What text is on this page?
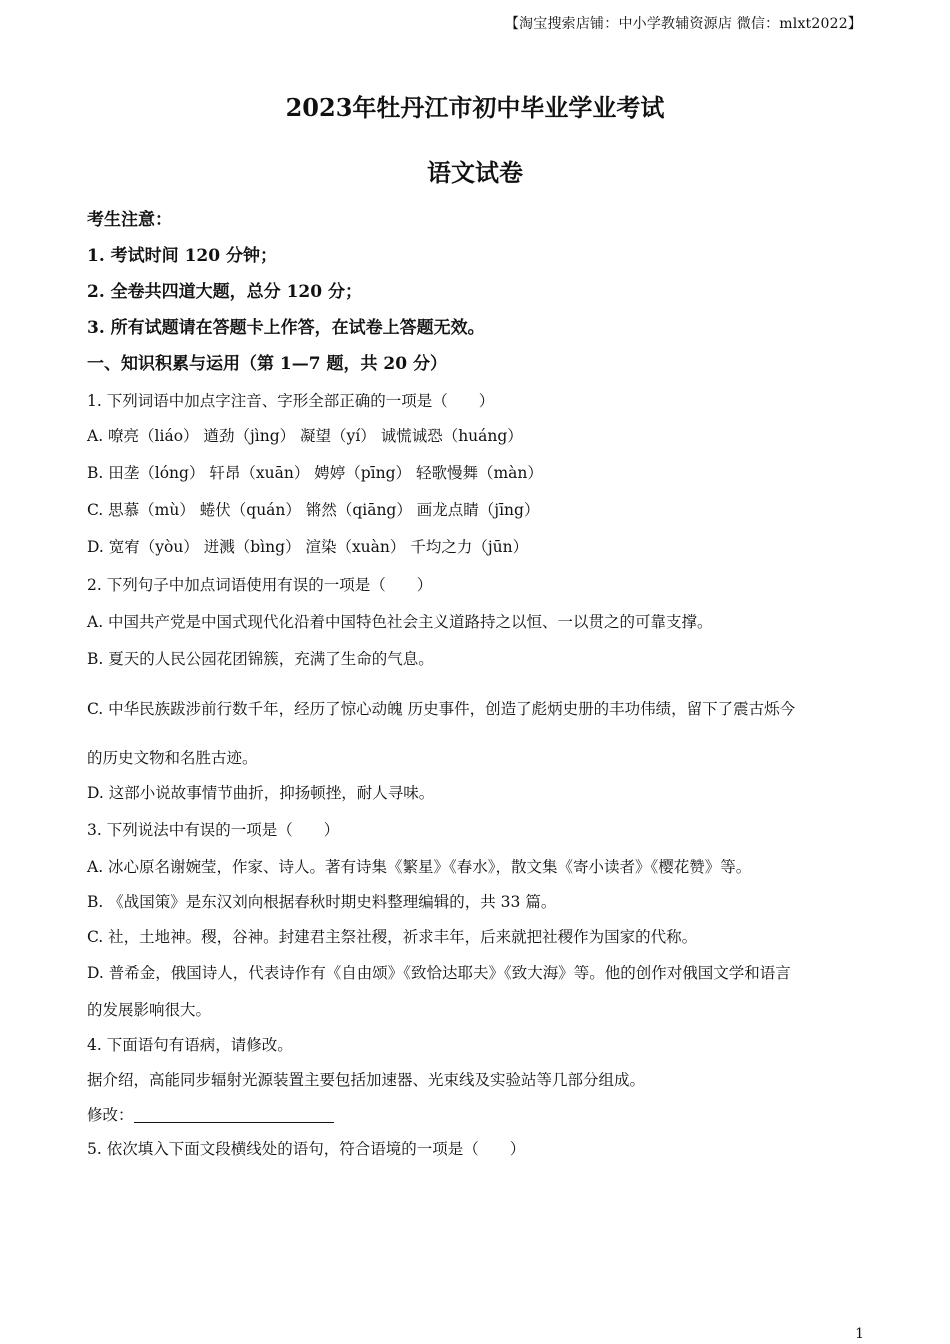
【淘宝搜索店铺：中小学教辅资源店 微信：mlxt2022】
2023年牡丹江市初中毕业学业考试
语文试卷
考生注意：
1. 考试时间 120 分钟；
2. 全卷共四道大题，总分 120 分；
3. 所有试题请在答题卡上作答，在试卷上答题无效。
一、知识积累与运用（第 1—7 题，共 20 分）
1. 下列词语中加点字注音、字形全部正确的一项是（　　）
A. 嘹亮（liáo） 遒劲（jìng） 凝望（yí） 诚慌诚恐（huáng）
B. 田垄（lóng） 轩昂（xuān） 娉婷（pīng） 轻歌慢舞（màn）
C. 思慕（mù） 蜷伏（quán） 锵然（qiāng） 画龙点睛（jīng）
D. 宽宥（yòu） 迸溅（bìng） 渲染（xuàn） 千均之力（jūn）
2. 下列句子中加点词语使用有误的一项是（　　）
A. 中国共产党是中国式现代化沿着中国特色社会主义道路持之以恒、一以贯之的可靠支撑。
B. 夏天的人民公园花团锦簇，充满了生命的气息。
C. 中华民族跋涉前行数千年，经历了惊心动魄 历史事件，创造了彪炳史册的丰功伟绩，留下了震古烁今
的历史文物和名胜古迹。
D. 这部小说故事情节曲折，抑扬顿挫，耐人寻味。
3. 下列说法中有误的一项是（　　）
A. 冰心原名谢婉莹，作家、诗人。著有诗集《繁星》《春水》，散文集《寄小读者》《樱花赞》等。
B. 《战国策》是东汉刘向根据春秋时期史料整理编辑的，共 33 篇。
C. 社，土地神。稷，谷神。封建君主祭社稷，祈求丰年，后来就把社稷作为国家的代称。
D. 普希金，俄国诗人，代表诗作有《自由颂》《致恰达耶夫》《致大海》等。他的创作对俄国文学和语言
的发展影响很大。
4. 下面语句有语病，请修改。
据介绍，高能同步辐射光源装置主要包括加速器、光束线及实验站等几部分组成。
修改：
5. 依次填入下面文段横线处的语句，符合语境的一项是（　　）
1
